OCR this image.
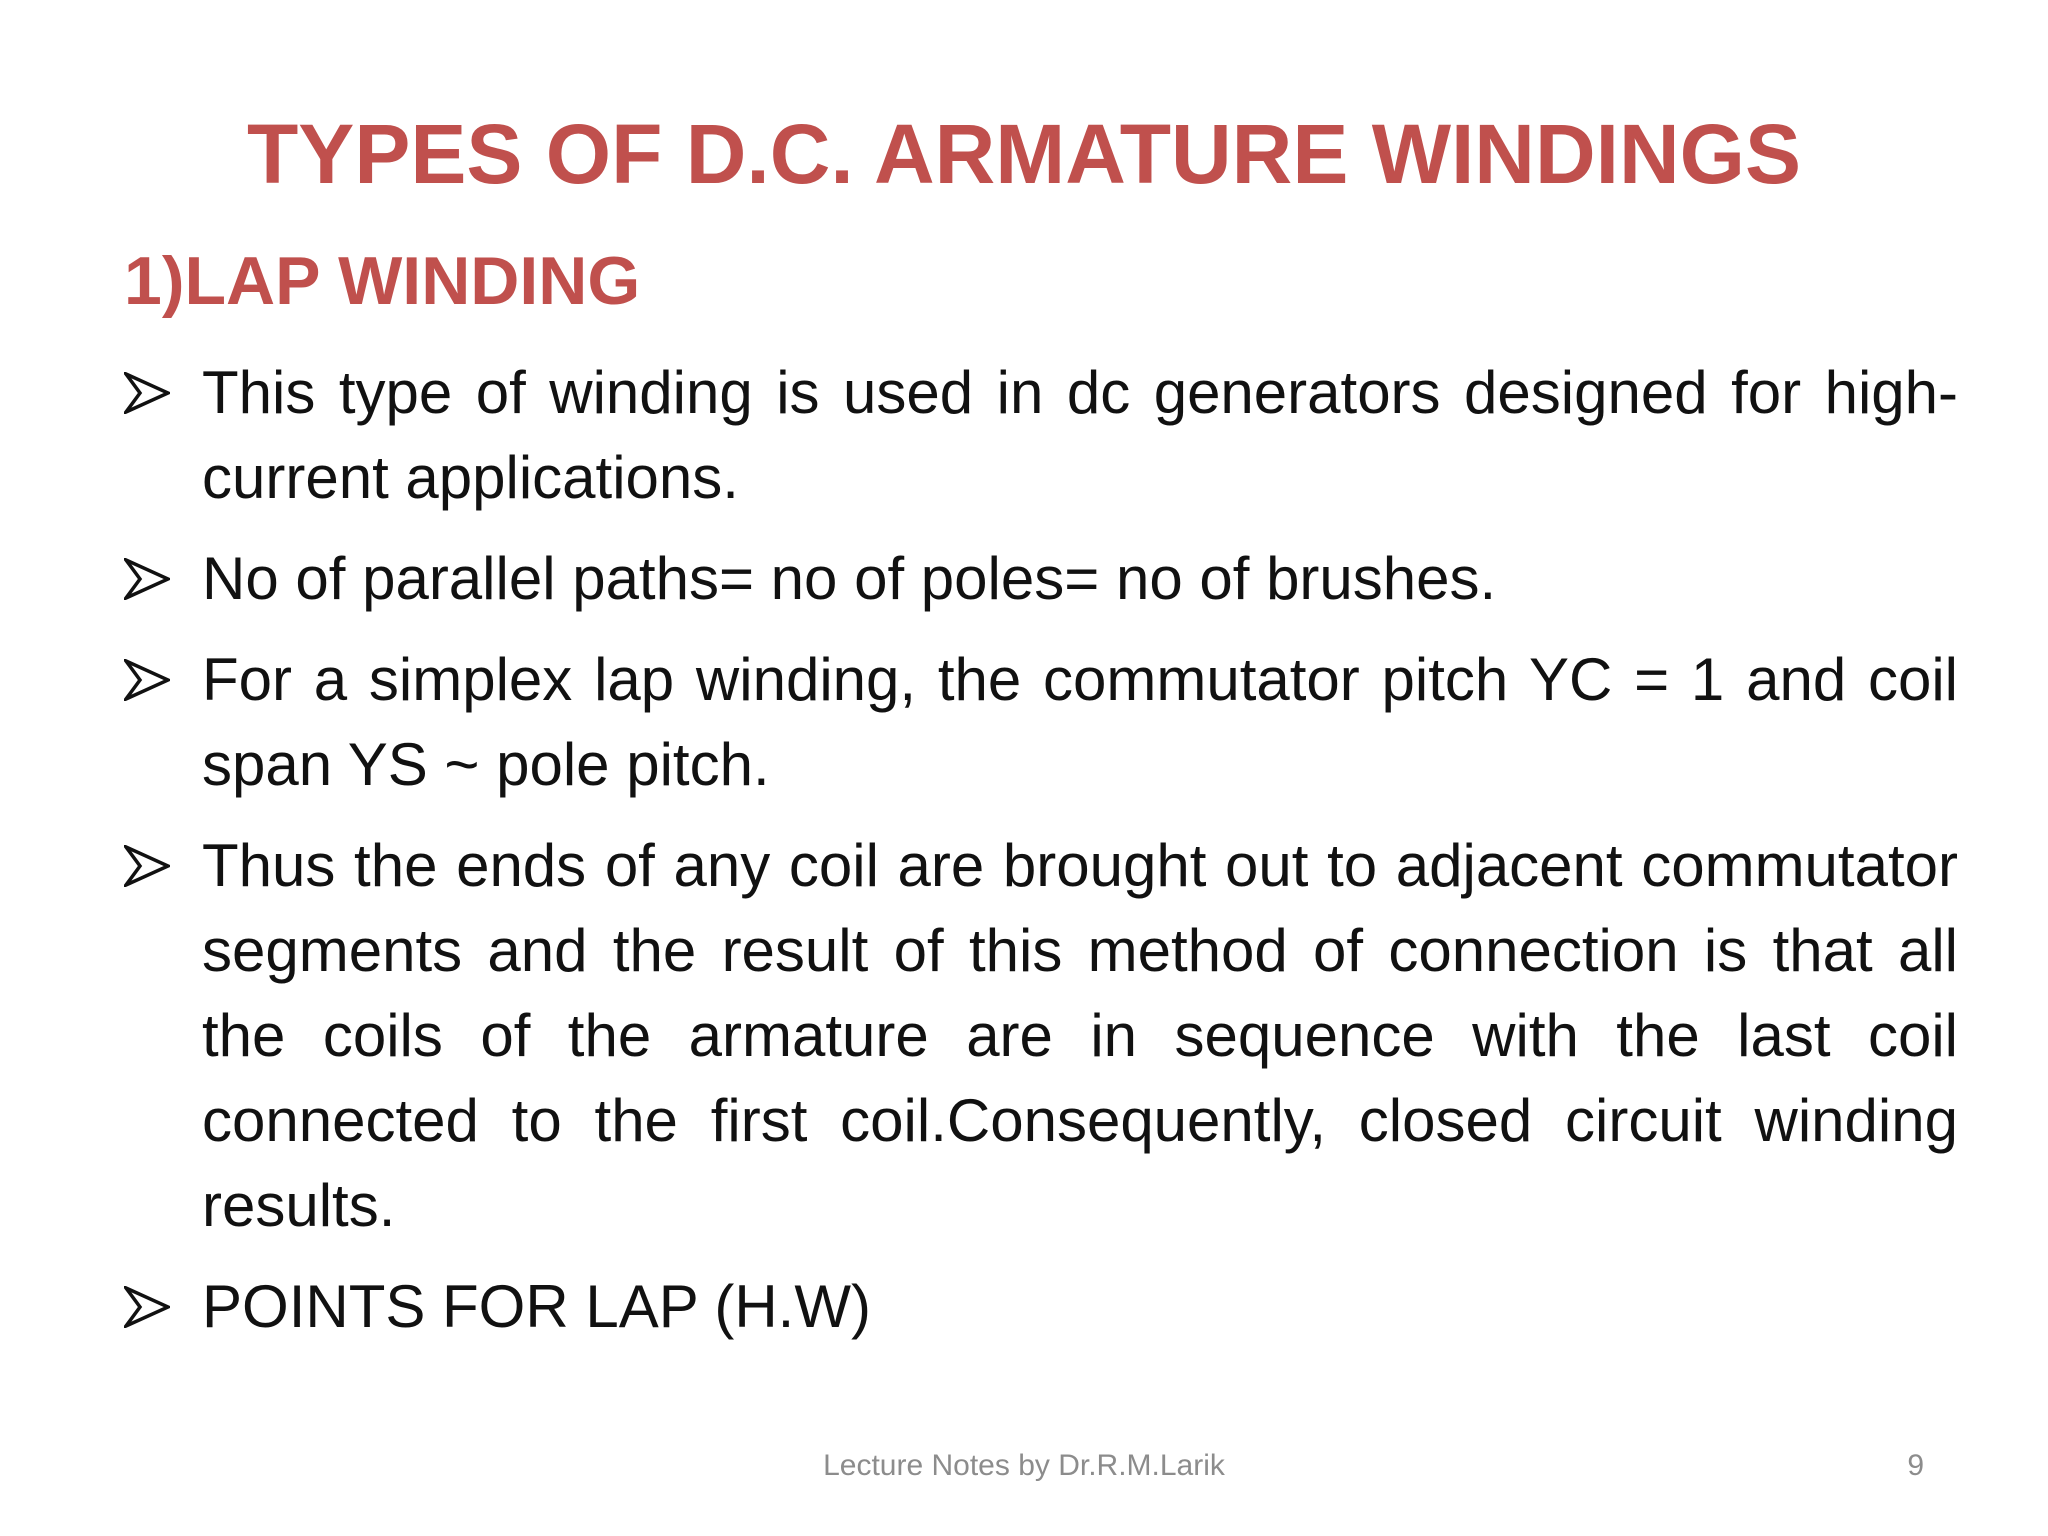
TYPES OF D.C. ARMATURE WINDINGS
1)LAP WINDING
This type of winding is used in dc generators designed for high-current applications.
No of parallel paths= no of poles= no of brushes.
For a simplex lap winding, the commutator pitch YC = 1 and coil span YS ~ pole pitch.
Thus the ends of any coil are brought out to adjacent commutator segments and the result of this method of connection is that all the coils of the armature are in sequence with the last coil connected to the first coil.Consequently, closed circuit winding results.
POINTS FOR LAP (H.W)
Lecture Notes by Dr.R.M.Larik	9
